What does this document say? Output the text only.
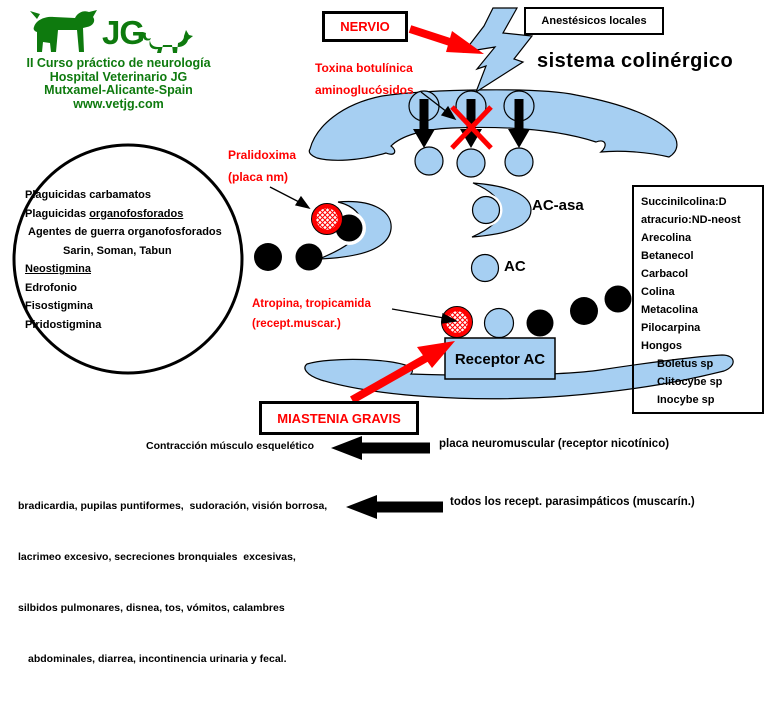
JG
II Curso práctico de neurología
Hospital Veterinario JG
Mutxamel-Alicante-Spain
www.vetjg.com
sistema colinérgico
NERVIO	Anestésicos locales
MIASTENIA GRAVIS
Toxina botulínica
aminoglucósidos
Pralidoxima
(placa nm)
Atropina, tropicamida
(recept.muscar.)
Plaguicidas carbamatos
Plaguicidas organofosforados
Agentes de guerra organofosforados
Sarin, Soman, Tabun
Neostigmina
Edrofonio
Fisostigmina
Piridostigmina
AC-asa
AC
Receptor AC
Succinilcolina:D
atracurio:ND-neost
Arecolina
Betanecol
Carbacol
Colina
Metacolina
Pilocarpina
Hongos
Boletus sp
Clitocybe sp
Inocybe sp
Contracción músculo esquelético	placa neuromuscular (receptor nicotínico)
todos los recept. parasimpáticos (muscarín.)

bradicardia, pupilas puntiformes,  sudoración, visión borrosa,

lacrimeo excesivo, secreciones bronquiales  excesivas,

silbidos pulmonares, disnea, tos, vómitos, calambres

abdominales, diarrea, incontinencia urinaria y fecal.
